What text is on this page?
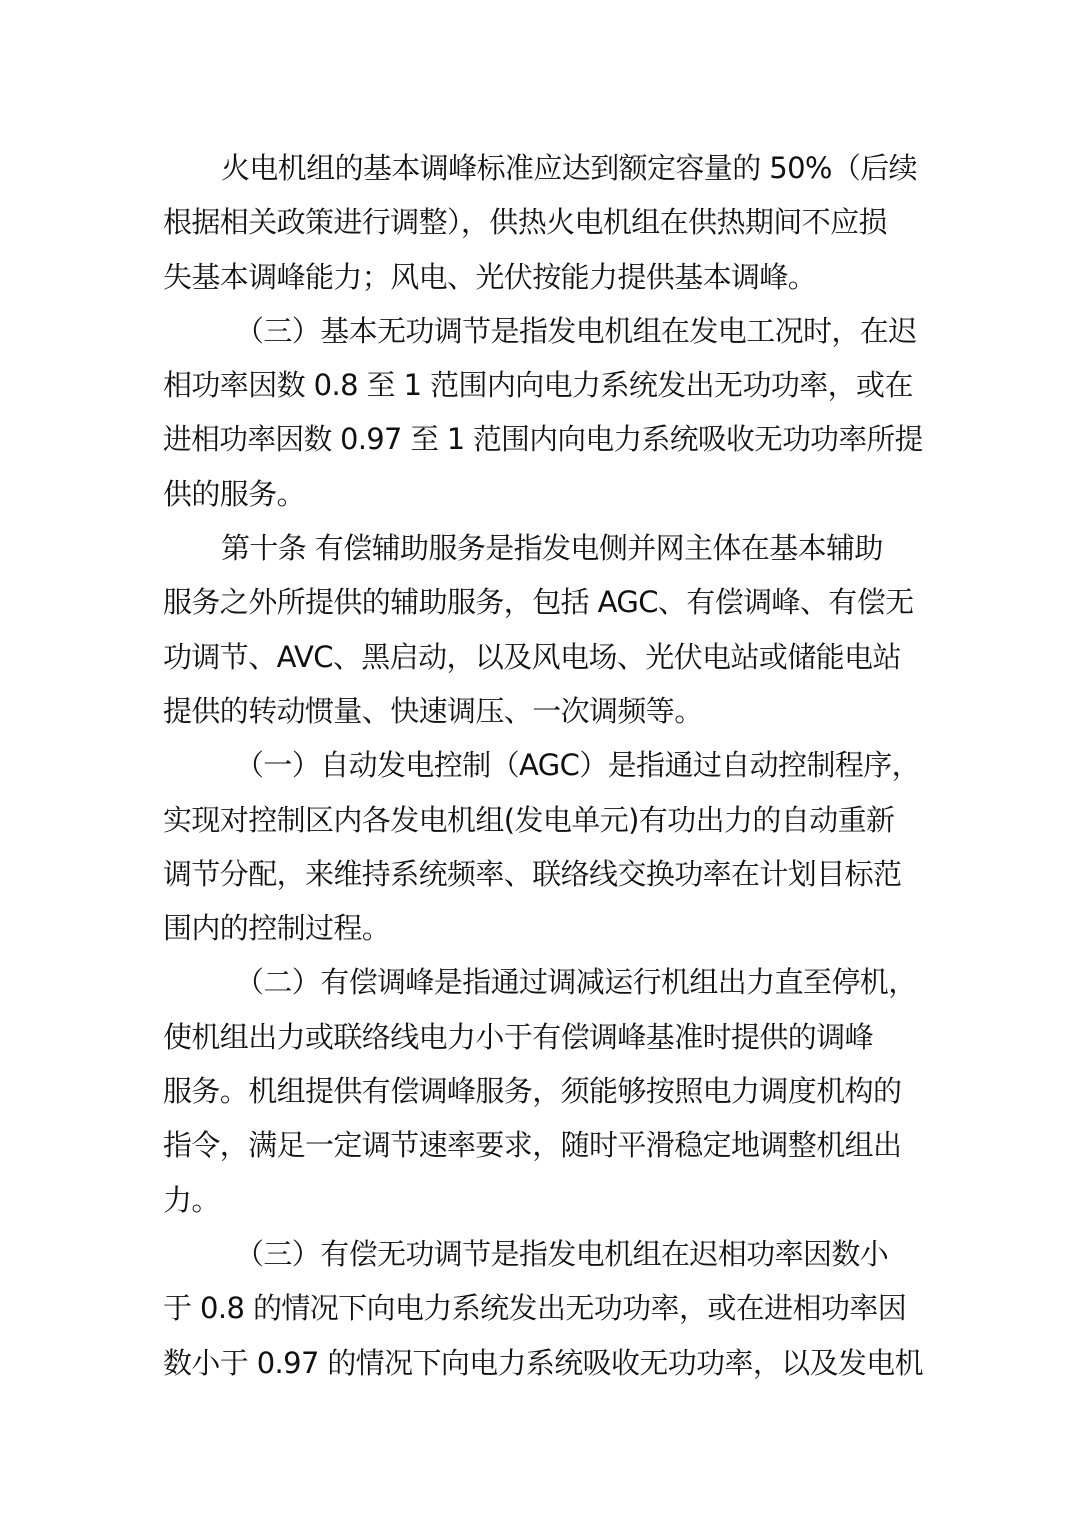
火电机组的基本调峰标准应达到额定容量的 50%（后续
根据相关政策进行调整），供热火电机组在供热期间不应损
失基本调峰能力；风电、光伏按能力提供基本调峰。
（三）基本无功调节是指发电机组在发电工况时，在迟
相功率因数 0.8 至 1 范围内向电力系统发出无功功率，或在
进相功率因数 0.97 至 1 范围内向电力系统吸收无功功率所提
供的服务。
第十条 有偿辅助服务是指发电侧并网主体在基本辅助
服务之外所提供的辅助服务，包括 AGC、有偿调峰、有偿无
功调节、AVC、黑启动，以及风电场、光伏电站或储能电站
提供的转动惯量、快速调压、一次调频等。
（一）自动发电控制（AGC）是指通过自动控制程序，
实现对控制区内各发电机组(发电单元)有功出力的自动重新
调节分配，来维持系统频率、联络线交换功率在计划目标范
围内的控制过程。
（二）有偿调峰是指通过调减运行机组出力直至停机，
使机组出力或联络线电力小于有偿调峰基准时提供的调峰
服务。机组提供有偿调峰服务，须能够按照电力调度机构的
指令，满足一定调节速率要求，随时平滑稳定地调整机组出
力。
（三）有偿无功调节是指发电机组在迟相功率因数小
于 0.8 的情况下向电力系统发出无功功率，或在进相功率因
数小于 0.97 的情况下向电力系统吸收无功功率，以及发电机
